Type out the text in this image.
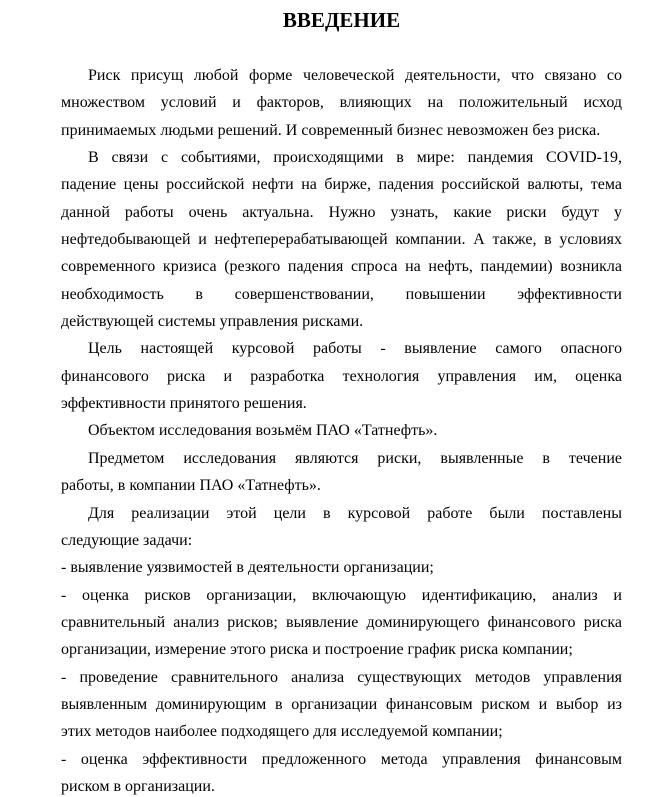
ВВЕДЕНИЕ
Риск присущ любой форме человеческой деятельности, что связано со
множеством условий и факторов, влияющих на положительный исход
принимаемых людьми решений. И современный бизнес невозможен без риска.
В связи с событиями, происходящими в мире: пандемия COVID-19,
падение цены российской нефти на бирже, падения российской валюты, тема
данной работы очень актуальна. Нужно узнать, какие риски будут у
нефтедобывающей и нефтеперерабатывающей компании. А также, в условиях
современного кризиса (резкого падения спроса на нефть, пандемии) возникла
необходимость в совершенствовании, повышении эффективности
действующей системы управления рисками.
Цель настоящей курсовой работы - выявление самого опасного
финансового риска и разработка технология управления им, оценка
эффективности принятого решения.
Объектом исследования возьмём ПАО «Татнефть».
Предметом исследования являются риски, выявленные в течение
работы, в компании ПАО «Татнефть».
Для реализации этой цели в курсовой работе были поставлены
следующие задачи:
- выявление уязвимостей в деятельности организации;
- оценка рисков организации, включающую идентификацию, анализ и
сравнительный анализ рисков; выявление доминирующего финансового риска
организации, измерение этого риска и построение график риска компании;
- проведение сравнительного анализа существующих методов управления
выявленным доминирующим в организации финансовым риском и выбор из
этих методов наиболее подходящего для исследуемой компании;
- оценка эффективности предложенного метода управления финансовым
риском в организации.
